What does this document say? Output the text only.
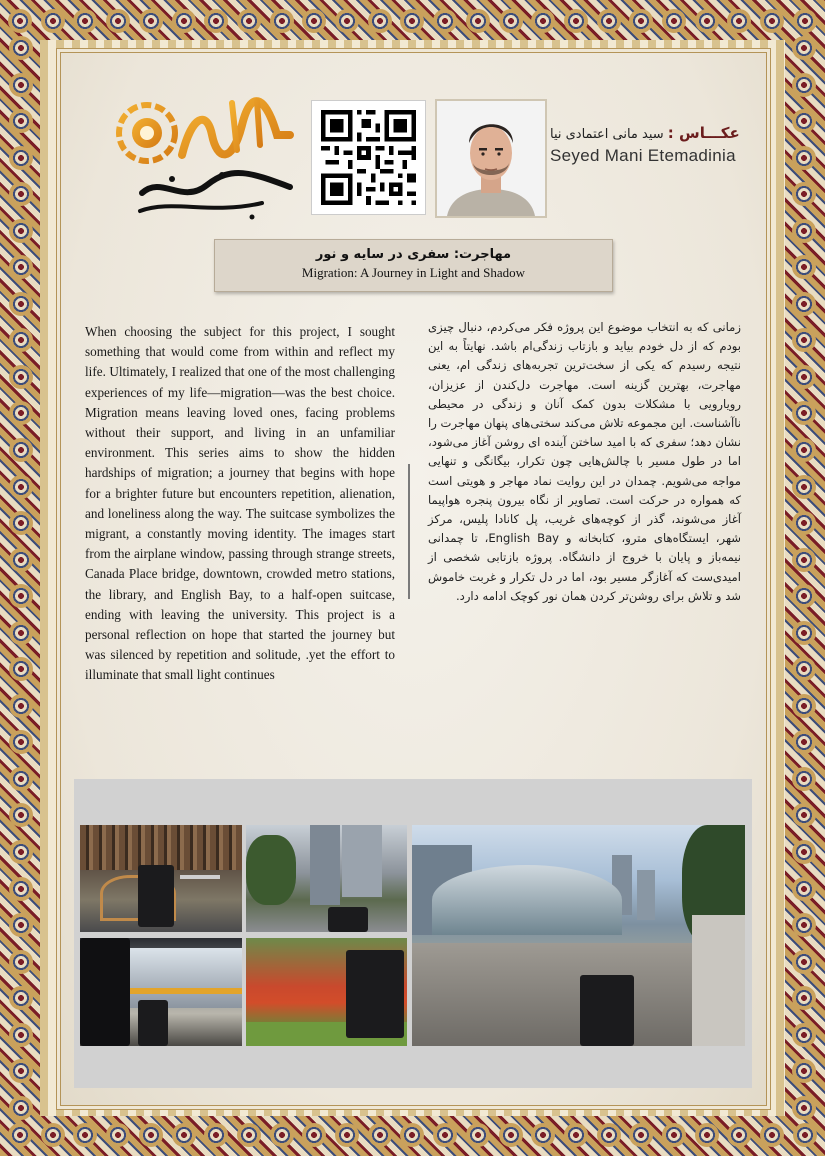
عکـــاس : سید مانی اعتمادی نیا
Seyed Mani Etemadinia
مهاجرت: سفری در سایه و نور
Migration: A Journey in Light and Shadow
When choosing the subject for this project, I sought something that would come from within and reflect my life. Ultimately, I realized that one of the most challenging experiences of my life—migration—was the best choice. Migration means leaving loved ones, facing problems without their support, and living in an unfamiliar environment. This series aims to show the hidden hardships of migration; a journey that begins with hope for a brighter future but encounters repetition, alienation, and loneliness along the way. The suitcase symbolizes the migrant, a constantly moving identity. The images start from the airplane window, passing through strange streets, Canada Place bridge, downtown, crowded metro stations, the library, and English Bay, to a half-open suitcase, ending with leaving the university. This project is a personal reflection on hope that started the journey but was silenced by repetition and solitude, .yet the effort to illuminate that small light continues
زمانی که به انتخاب موضوع این پروژه فکر می‌کردم، دنبال چیزی بودم که از دل خودم بیاید و بازتاب زندگی‌ام باشد. نهایتاً به این نتیجه رسیدم که یکی از سخت‌ترین تجربه‌های زندگی ام، یعنی مهاجرت، بهترین گزینه است. مهاجرت دل‌کندن از عزیزان، رویارویی با مشکلات بدون کمک آنان و زندگی در محیطی ناآشناست. این مجموعه تلاش می‌کند سختی‌های پنهان مهاجرت را نشان دهد؛ سفری که با امید ساختن آینده ای روشن آغاز می‌شود، اما در طول مسیر با چالش‌هایی چون تکرار، بیگانگی و تنهایی مواجه می‌شویم. چمدان در این روایت نماد مهاجر و هویتی است که همواره در حرکت است. تصاویر از نگاه بیرون پنجره هواپیما آغاز می‌شوند، گذر از کوچه‌های غریب، پل کانادا پلیس، مرکز شهر، ایستگاه‌های مترو، کتابخانه و English Bay، تا چمدانی نیمه‌باز و پایان با خروج از دانشگاه. پروژه بازتابی شخصی از امیدی‌ست که آغازگر مسیر بود، اما در دل تکرار و غربت خاموش شد و تلاش برای روشن‌تر کردن همان نور کوچک ادامه دارد.
